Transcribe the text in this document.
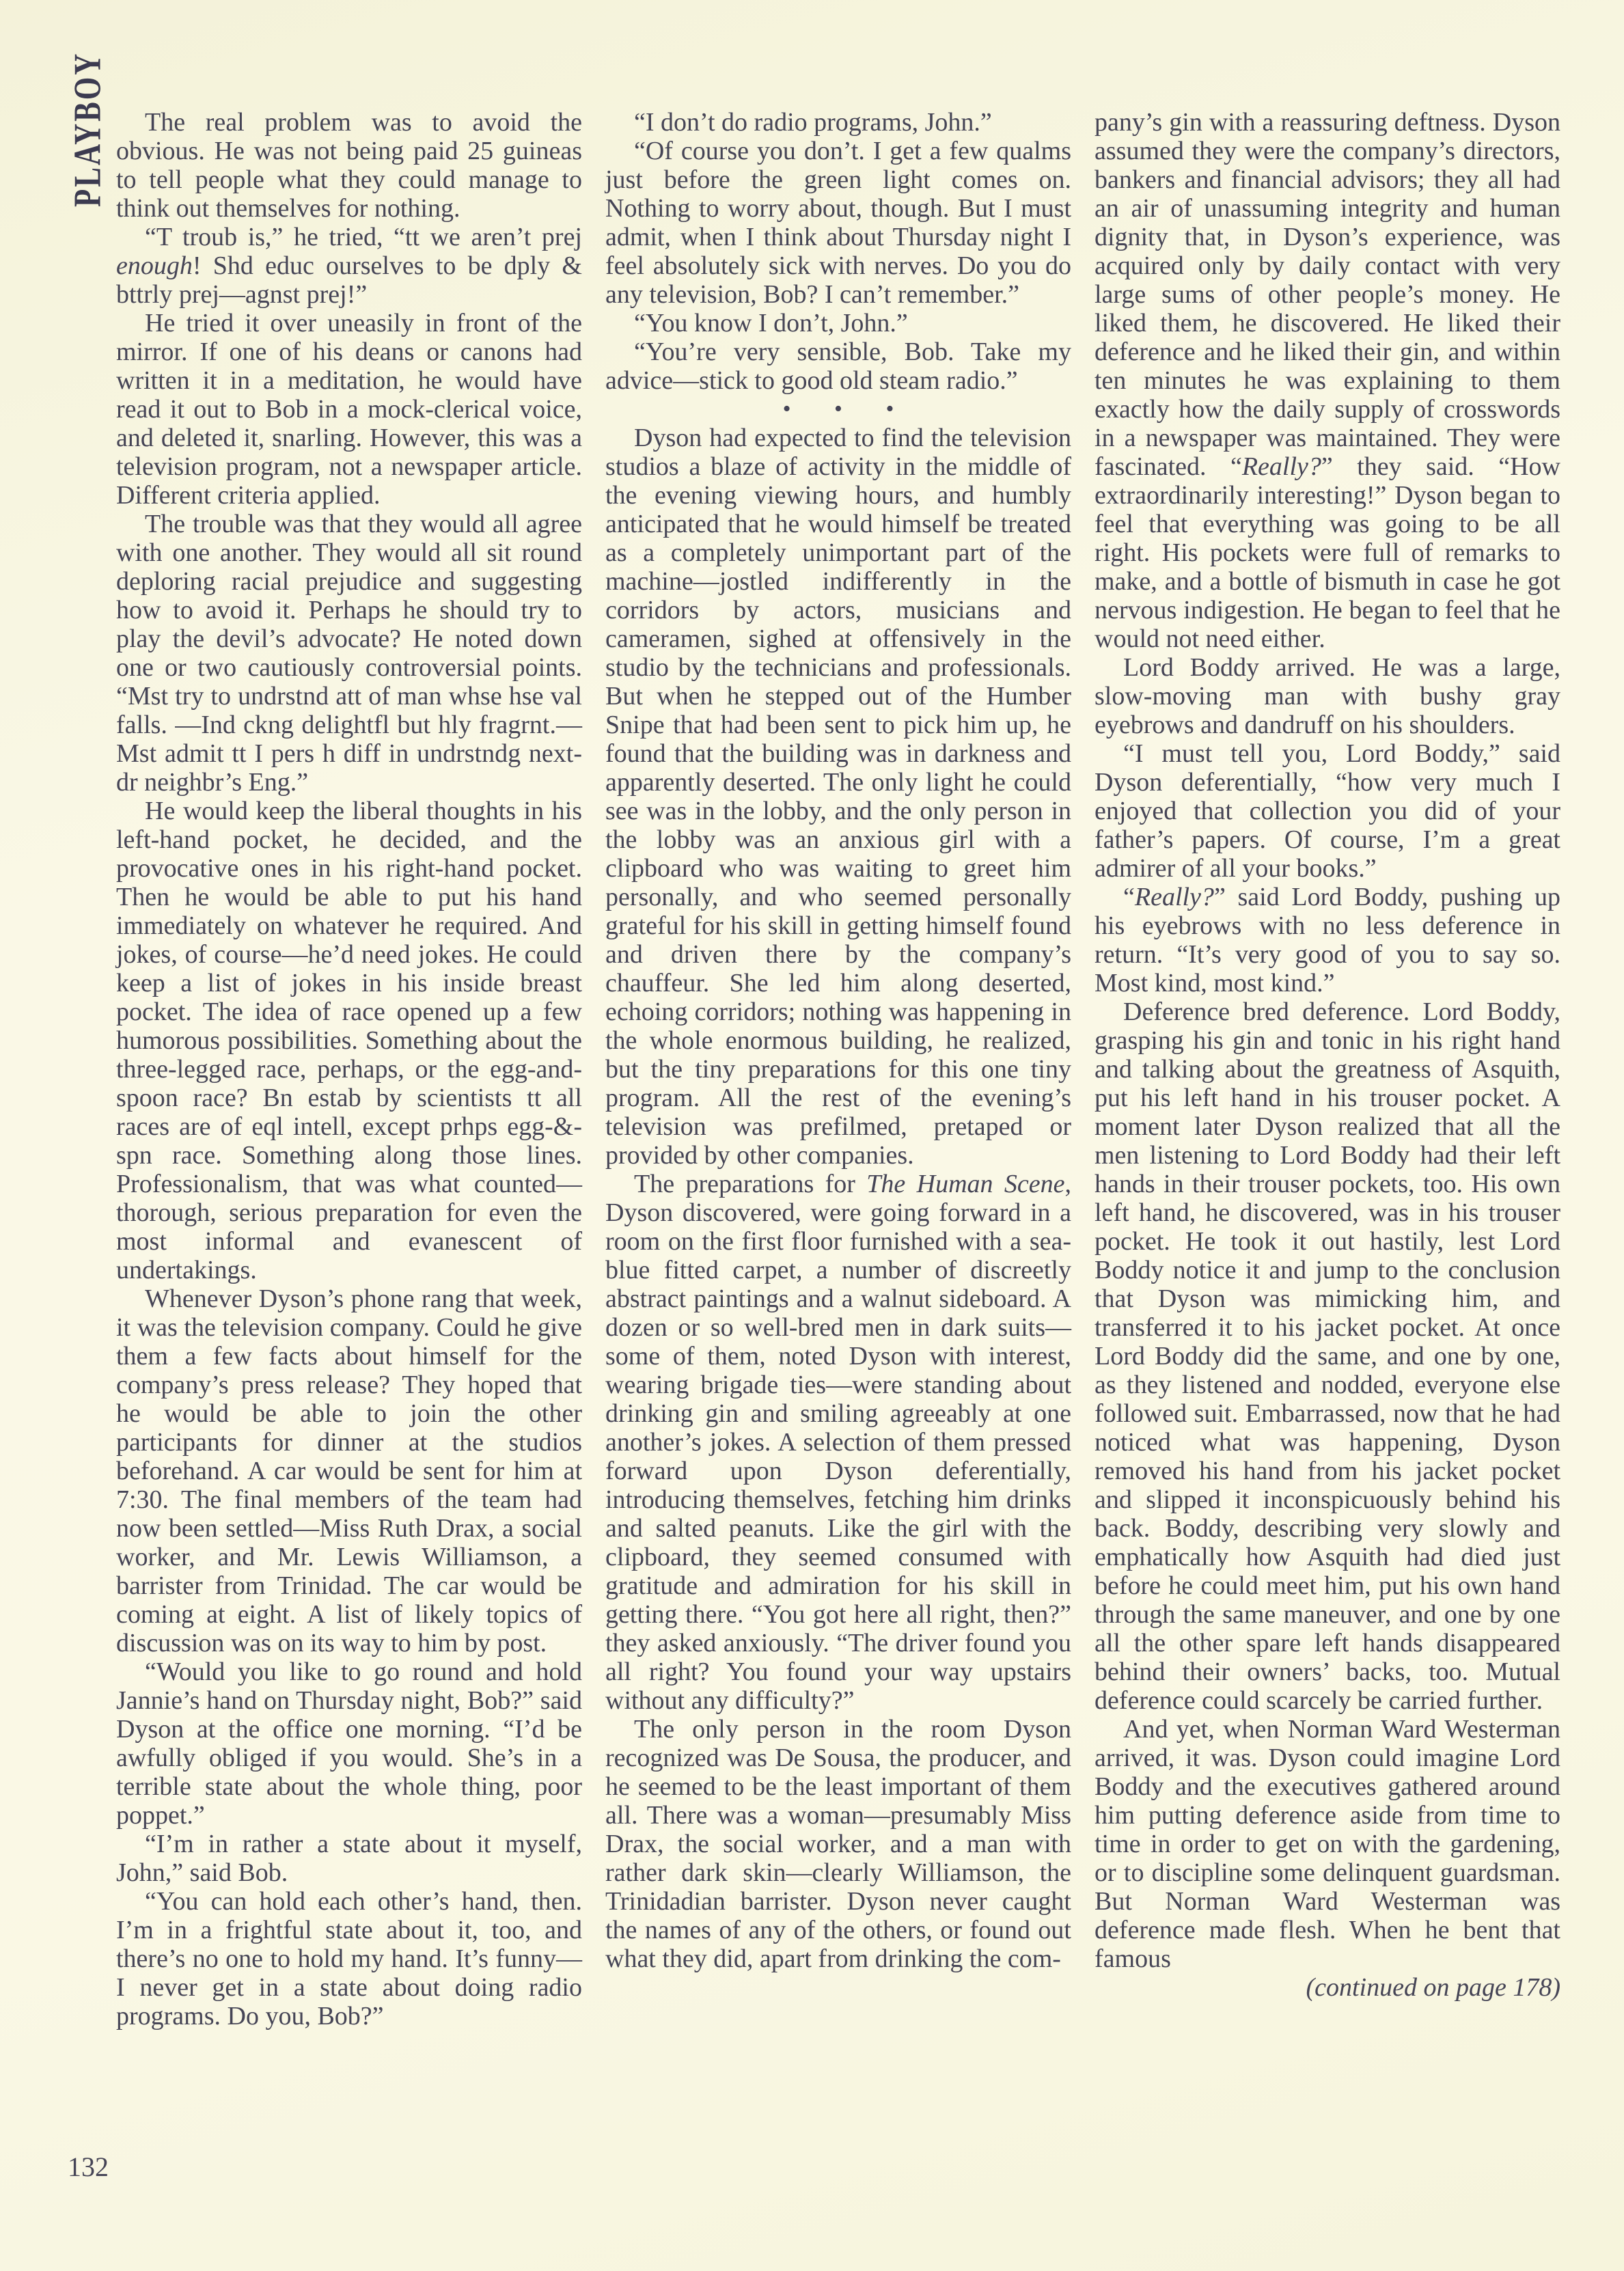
PLAYBOY
132

The real problem was to avoid the obvious. He was not being paid 25 guineas to tell people what they could manage to think out themselves for nothing.

“T troub is,” he tried, “tt we aren’t prej enough! Shd educ ourselves to be dply & bttrly prej—agnst prej!”

He tried it over uneasily in front of the mirror. If one of his deans or canons had written it in a meditation, he would have read it out to Bob in a mock-clerical voice, and deleted it, snarling. However, this was a television program, not a newspaper article. Different criteria applied.

The trouble was that they would all agree with one another. They would all sit round deploring racial prejudice and suggesting how to avoid it. Perhaps he should try to play the devil’s advocate? He noted down one or two cautiously controversial points. “Mst try to undrstnd att of man whse hse val falls. —Ind ckng delightfl but hly fragrnt.— Mst admit tt I pers h diff in undrstndg next-dr neighbr’s Eng.”

He would keep the liberal thoughts in his left-hand pocket, he decided, and the provocative ones in his right-hand pocket. Then he would be able to put his hand immediately on whatever he required. And jokes, of course—he’d need jokes. He could keep a list of jokes in his inside breast pocket. The idea of race opened up a few humorous possibilities. Something about the three-legged race, perhaps, or the egg-and-spoon race? Bn estab by scientists tt all races are of eql intell, except prhps egg-&-spn race. Something along those lines. Professionalism, that was what counted—thorough, serious preparation for even the most informal and evanescent of undertakings.

Whenever Dyson’s phone rang that week, it was the television company. Could he give them a few facts about himself for the company’s press release? They hoped that he would be able to join the other participants for dinner at the studios beforehand. A car would be sent for him at 7:30. The final members of the team had now been settled—Miss Ruth Drax, a social worker, and Mr. Lewis Williamson, a barrister from Trinidad. The car would be coming at eight. A list of likely topics of discussion was on its way to him by post.

“Would you like to go round and hold Jannie’s hand on Thursday night, Bob?” said Dyson at the office one morning. “I’d be awfully obliged if you would. She’s in a terrible state about the whole thing, poor poppet.”

“I’m in rather a state about it myself, John,” said Bob.

“You can hold each other’s hand, then. I’m in a frightful state about it, too, and there’s no one to hold my hand. It’s funny—I never get in a state about doing radio programs. Do you, Bob?”

“I don’t do radio programs, John.”

“Of course you don’t. I get a few qualms just before the green light comes on. Nothing to worry about, though. But I must admit, when I think about Thursday night I feel absolutely sick with nerves. Do you do any television, Bob? I can’t remember.”

“You know I don’t, John.”

“You’re very sensible, Bob. Take my advice—stick to good old steam radio.”

• • •

Dyson had expected to find the television studios a blaze of activity in the middle of the evening viewing hours, and humbly anticipated that he would himself be treated as a completely unimportant part of the machine—jostled indifferently in the corridors by actors, musicians and cameramen, sighed at offensively in the studio by the technicians and professionals. But when he stepped out of the Humber Snipe that had been sent to pick him up, he found that the building was in darkness and apparently deserted. The only light he could see was in the lobby, and the only person in the lobby was an anxious girl with a clipboard who was waiting to greet him personally, and who seemed personally grateful for his skill in getting himself found and driven there by the company’s chauffeur. She led him along deserted, echoing corridors; nothing was happening in the whole enormous building, he realized, but the tiny preparations for this one tiny program. All the rest of the evening’s television was prefilmed, pretaped or provided by other companies.

The preparations for The Human Scene, Dyson discovered, were going forward in a room on the first floor furnished with a sea-blue fitted carpet, a number of discreetly abstract paintings and a walnut sideboard. A dozen or so well-bred men in dark suits—some of them, noted Dyson with interest, wearing brigade ties—were standing about drinking gin and smiling agreeably at one another’s jokes. A selection of them pressed forward upon Dyson deferentially, introducing themselves, fetching him drinks and salted peanuts. Like the girl with the clipboard, they seemed consumed with gratitude and admiration for his skill in getting there. “You got here all right, then?” they asked anxiously. “The driver found you all right? You found your way upstairs without any difficulty?”

The only person in the room Dyson recognized was De Sousa, the producer, and he seemed to be the least important of them all. There was a woman—presumably Miss Drax, the social worker, and a man with rather dark skin—clearly Williamson, the Trinidadian barrister. Dyson never caught the names of any of the others, or found out what they did, apart from drinking the com-

pany’s gin with a reassuring deftness. Dyson assumed they were the company’s directors, bankers and financial advisors; they all had an air of unassuming integrity and human dignity that, in Dyson’s experience, was acquired only by daily contact with very large sums of other people’s money. He liked them, he discovered. He liked their deference and he liked their gin, and within ten minutes he was explaining to them exactly how the daily supply of crosswords in a newspaper was maintained. They were fascinated. “Really?” they said. “How extraordinarily interesting!” Dyson began to feel that everything was going to be all right. His pockets were full of remarks to make, and a bottle of bismuth in case he got nervous indigestion. He began to feel that he would not need either.

Lord Boddy arrived. He was a large, slow-moving man with bushy gray eyebrows and dandruff on his shoulders.

“I must tell you, Lord Boddy,” said Dyson deferentially, “how very much I enjoyed that collection you did of your father’s papers. Of course, I’m a great admirer of all your books.”

“Really?” said Lord Boddy, pushing up his eyebrows with no less deference in return. “It’s very good of you to say so. Most kind, most kind.”

Deference bred deference. Lord Boddy, grasping his gin and tonic in his right hand and talking about the greatness of Asquith, put his left hand in his trouser pocket. A moment later Dyson realized that all the men listening to Lord Boddy had their left hands in their trouser pockets, too. His own left hand, he discovered, was in his trouser pocket. He took it out hastily, lest Lord Boddy notice it and jump to the conclusion that Dyson was mimicking him, and transferred it to his jacket pocket. At once Lord Boddy did the same, and one by one, as they listened and nodded, everyone else followed suit. Embarrassed, now that he had noticed what was happening, Dyson removed his hand from his jacket pocket and slipped it inconspicuously behind his back. Boddy, describing very slowly and emphatically how Asquith had died just before he could meet him, put his own hand through the same maneuver, and one by one all the other spare left hands disappeared behind their owners’ backs, too. Mutual deference could scarcely be carried further.

And yet, when Norman Ward Westerman arrived, it was. Dyson could imagine Lord Boddy and the executives gathered around him putting deference aside from time to time in order to get on with the gardening, or to discipline some delinquent guardsman. But Norman Ward Westerman was deference made flesh. When he bent that famous

(continued on page 178)
